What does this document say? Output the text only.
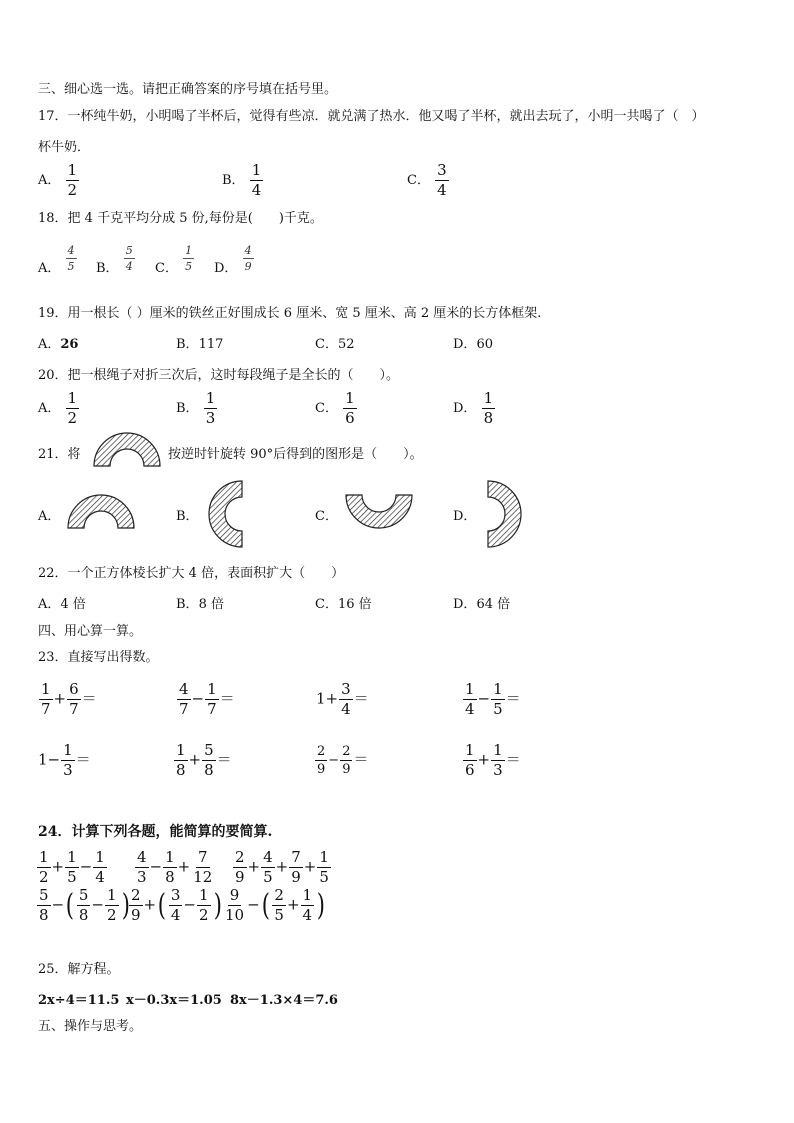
三、细心选一选。请把正确答案的序号填在括号里。
17．一杯纯牛奶，小明喝了半杯后，觉得有些凉．就兑满了热水．他又喝了半杯，就出去玩了，小明一共喝了（　）
杯牛奶．
A． $\frac{1}{2}$	B． $\frac{1}{4}$	C． $\frac{3}{4}$
18．把 4 千克平均分成 5 份,每份是(　　)千克。
A． $\frac{4}{5}$ B． $\frac{5}{4}$ C． $\frac{1}{5}$ D． $\frac{4}{9}$
19．用一根长（ ）厘米的铁丝正好围成长 6 厘米、宽 5 厘米、高 2 厘米的长方体框架.
A．26	B．117	C．52	D．60
20．把一根绳子对折三次后，这时每段绳子是全长的（　　）。
A． $\frac{1}{2}$	B． $\frac{1}{3}$	C． $\frac{1}{6}$	D． $\frac{1}{8}$
21．将	按逆时针旋转 90°后得到的图形是（　　）。
A．	B．	C．	D．
22．一个正方体棱长扩大 4 倍，表面积扩大（　　）
A．4 倍	B．8 倍	C．16 倍	D．64 倍
四、用心算一算。
23．直接写出得数。
$\frac{1}{7} + \frac{6}{7}$ ＝	$\frac{4}{7} - \frac{1}{7}$ ＝	$1+ \frac{3}{4}$ ＝	$\frac{1}{4} - \frac{1}{5}$ ＝
$1- \frac{1}{3}$ ＝	$\frac{1}{8} + \frac{5}{8}$ ＝	$\frac{2}{9} - \frac{2}{9}$ ＝	$\frac{1}{6} + \frac{1}{3}$ ＝
24．计算下列各题，能简算的要简算.
$\frac{1}{2} + \frac{1}{5} - \frac{1}{4} \frac{4}{3} - \frac{1}{8} + \frac{7}{12} \frac{2}{9} + \frac{4}{5} + \frac{7}{9} + \frac{1}{5}$
$\frac{5}{8}$ −( $\frac{5}{8} - \frac{1}{2}$ ) $\frac{2}{9}$ +( $\frac{3}{4} - \frac{1}{2}$ ) $\frac{9}{10}$ −( $\frac{2}{5} + \frac{1}{4}$ )
25．解方程。
2x÷4＝11.5 x－0.3x＝1.05 8x－1.3×4＝7.6
五、操作与思考。
